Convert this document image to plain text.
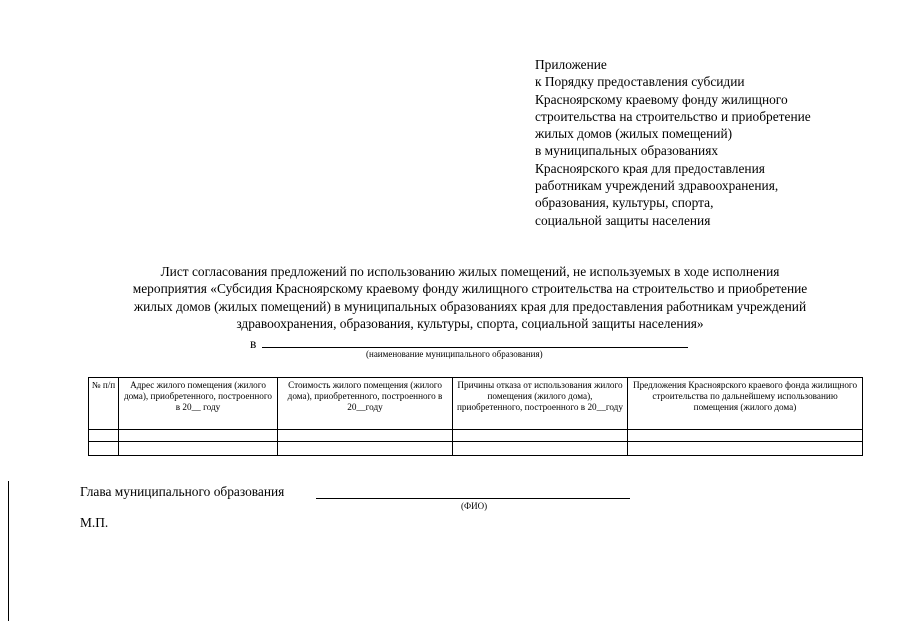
Приложение
к Порядку предоставления субсидии
Красноярскому краевому фонду жилищного
строительства на строительство и приобретение
жилых домов (жилых помещений)
в муниципальных образованиях
Красноярского края для предоставления
работникам учреждений здравоохранения,
образования, культуры, спорта,
социальной защиты населения
Лист согласования предложений по использованию жилых помещений, не используемых в ходе исполнения
мероприятия «Субсидия Красноярскому краевому фонду жилищного строительства на строительство и приобретение
жилых домов (жилых помещений) в муниципальных образованиях края для предоставления работникам учреждений
здравоохранения, образования, культуры, спорта, социальной защиты населения»
в
(наименование муниципального образования)
№ п/п	Адрес жилого помещения (жилого дома), приобретенного, построенного в 20__ году	Стоимость жилого помещения (жилого дома), приобретенного, построенного в 20__году	Причины отказа от использования жилого помещения (жилого дома), приобретенного, построенного в 20__году	Предложения Красноярского краевого фонда жилищного строительства по дальнейшему использованию помещения (жилого дома)

Глава муниципального образования
(ФИО)
М.П.
